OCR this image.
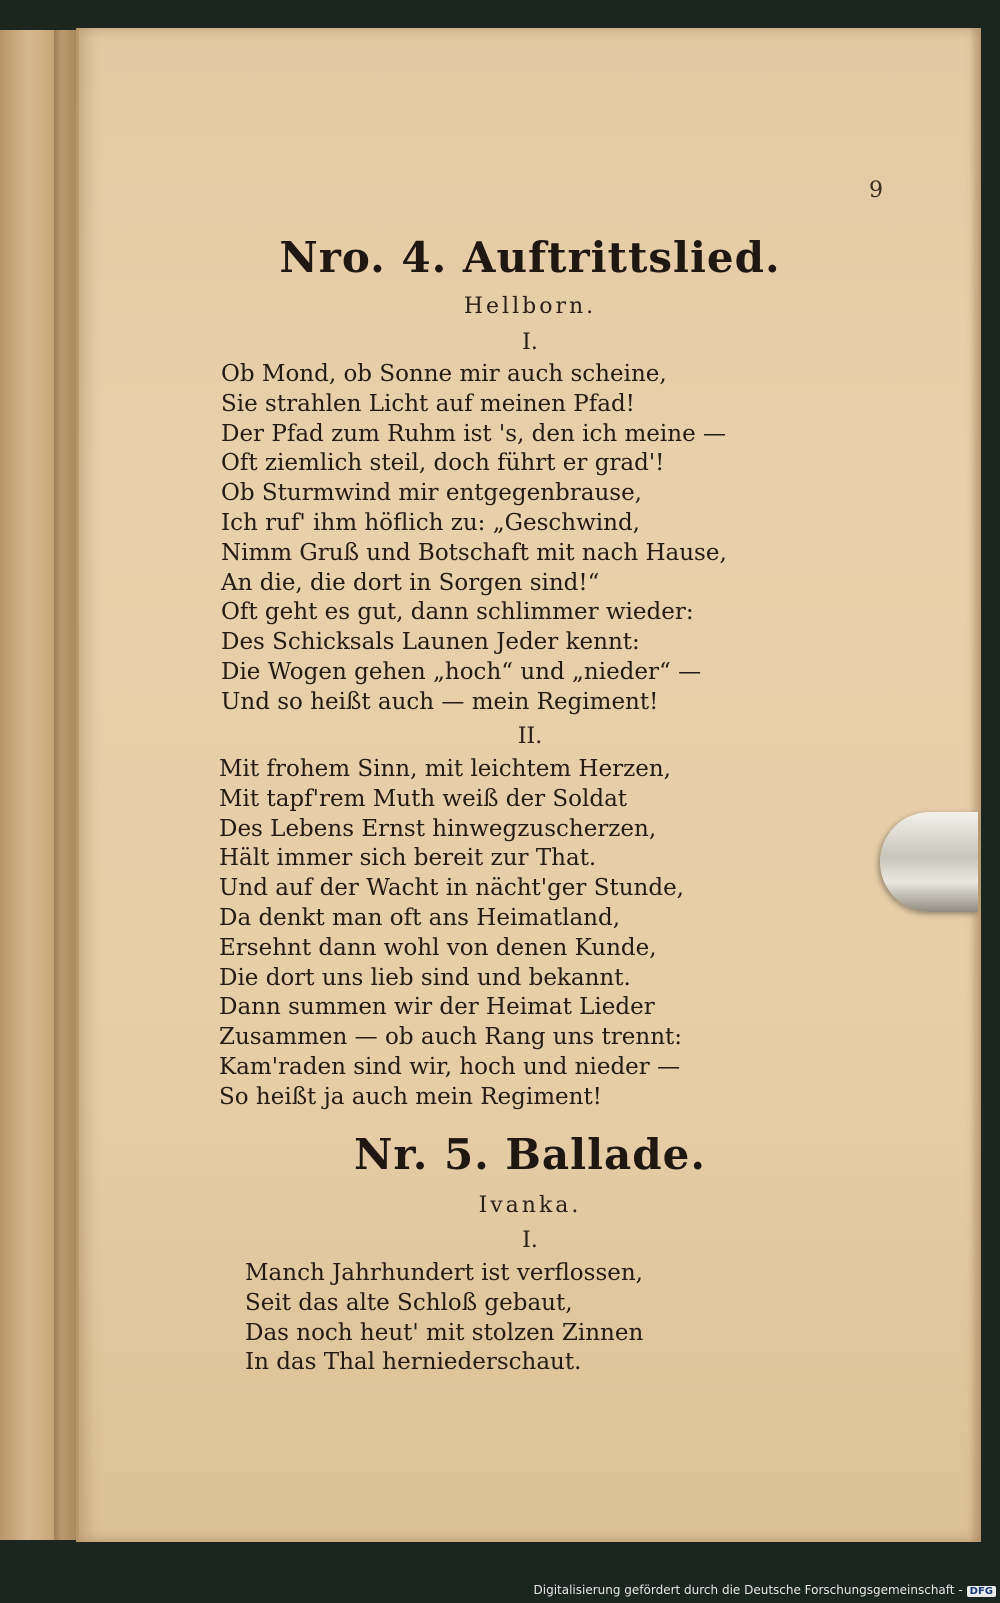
9
Nro. 4. Auftrittslied.
Hellborn.
I.
Ob Mond, ob Sonne mir auch scheine,
Sie strahlen Licht auf meinen Pfad!
Der Pfad zum Ruhm ist 's, den ich meine —
Oft ziemlich steil, doch führt er grad'!
Ob Sturmwind mir entgegenbrause,
Ich ruf' ihm höflich zu: „Geschwind,
Nimm Gruß und Botschaft mit nach Hause,
An die, die dort in Sorgen sind!“
Oft geht es gut, dann schlimmer wieder:
Des Schicksals Launen Jeder kennt:
Die Wogen gehen „hoch“ und „nieder“ —
Und so heißt auch — mein Regiment!
II.
Mit frohem Sinn, mit leichtem Herzen,
Mit tapf'rem Muth weiß der Soldat
Des Lebens Ernst hinwegzuscherzen,
Hält immer sich bereit zur That.
Und auf der Wacht in nächt'ger Stunde,
Da denkt man oft ans Heimatland,
Ersehnt dann wohl von denen Kunde,
Die dort uns lieb sind und bekannt.
Dann summen wir der Heimat Lieder
Zusammen — ob auch Rang uns trennt:
Kam'raden sind wir, hoch und nieder —
So heißt ja auch mein Regiment!
Nr. 5. Ballade.
Ivanka.
I.
Manch Jahrhundert ist verflossen,
Seit das alte Schloß gebaut,
Das noch heut' mit stolzen Zinnen
In das Thal herniederschaut.
Digitalisierung gefördert durch die Deutsche Forschungsgemeinschaft - DFG
